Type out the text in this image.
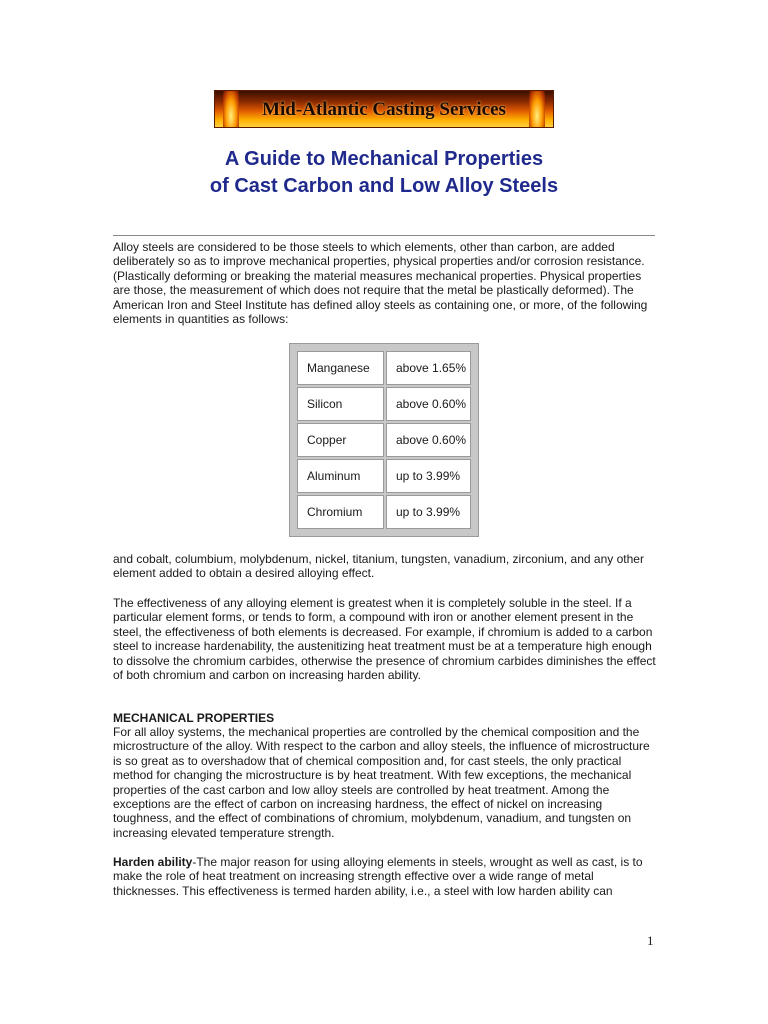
Mid-Atlantic Casting Services
A Guide to Mechanical Properties
of Cast Carbon and Low Alloy Steels

Alloy steels are considered to be those steels to which elements, other than carbon, are added deliberately so as to improve mechanical properties, physical properties and/or corrosion resistance. (Plastically deforming or breaking the material measures mechanical properties. Physical properties are those, the measurement of which does not require that the metal be plastically deformed). The American Iron and Steel Institute has defined alloy steels as containing one, or more, of the following elements in quantities as follows:

Manganese	above 1.65%
Silicon	above 0.60%
Copper	above 0.60%
Aluminum	up to 3.99%
Chromium	up to 3.99%

and cobalt, columbium, molybdenum, nickel, titanium, tungsten, vanadium, zirconium, and any other element added to obtain a desired alloying effect.

The effectiveness of any alloying element is greatest when it is completely soluble in the steel. If a particular element forms, or tends to form, a compound with iron or another element present in the steel, the effectiveness of both elements is decreased. For example, if chromium is added to a carbon steel to increase hardenability, the austenitizing heat treatment must be at a temperature high enough to dissolve the chromium carbides, otherwise the presence of chromium carbides diminishes the effect of both chromium and carbon on increasing harden ability.

MECHANICAL PROPERTIES

For all alloy systems, the mechanical properties are controlled by the chemical composition and the microstructure of the alloy. With respect to the carbon and alloy steels, the influence of microstructure is so great as to overshadow that of chemical composition and, for cast steels, the only practical method for changing the microstructure is by heat treatment. With few exceptions, the mechanical properties of the cast carbon and low alloy steels are controlled by heat treatment. Among the exceptions are the effect of carbon on increasing hardness, the effect of nickel on increasing toughness, and the effect of combinations of chromium, molybdenum, vanadium, and tungsten on increasing elevated temperature strength.

Harden ability-The major reason for using alloying elements in steels, wrought as well as cast, is to make the role of heat treatment on increasing strength effective over a wide range of metal thicknesses. This effectiveness is termed harden ability, i.e., a steel with low harden ability can

1
